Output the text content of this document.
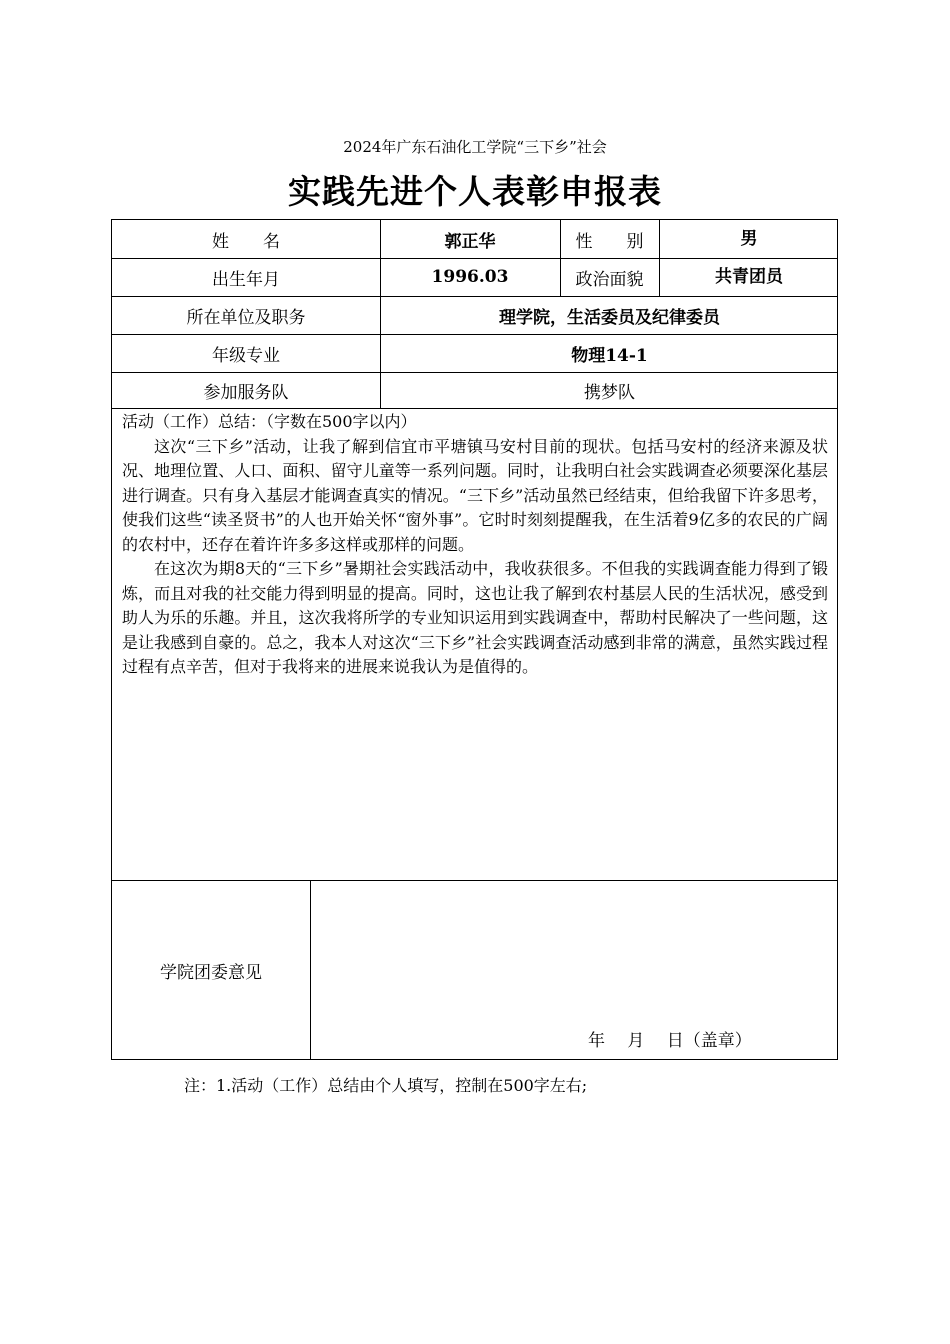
2024年广东石油化工学院“三下乡”社会
实践先进个人表彰申报表
姓　　名	郭正华	性　　别	男
出生年月	1996.03	政治面貌	共青团员
所在单位及职务	理学院，生活委员及纪律委员
年级专业	物理14-1
参加服务队	携梦队

活动（工作）总结：（字数在500字以内）

这次“三下乡”活动，让我了解到信宜市平塘镇马安村目前的现状。包括马安村的经济来源及状况、地理位置、人口、面积、留守儿童等一系列问题。同时，让我明白社会实践调查必须要深化基层进行调查。只有身入基层才能调查真实的情况。“三下乡”活动虽然已经结束，但给我留下许多思考，使我们这些“读圣贤书”的人也开始关怀“窗外事”。它时时刻刻提醒我，在生活着9亿多的农民的广阔的农村中，还存在着许许多多这样或那样的问题。

在这次为期8天的“三下乡”暑期社会实践活动中，我收获很多。不但我的实践调查能力得到了锻炼，而且对我的社交能力得到明显的提高。同时，这也让我了解到农村基层人民的生活状况，感受到助人为乐的乐趣。并且，这次我将所学的专业知识运用到实践调查中，帮助村民解决了一些问题，这是让我感到自豪的。总之，我本人对这次“三下乡”社会实践调查活动感到非常的满意，虽然实践过程过程有点辛苦，但对于我将来的进展来说我认为是值得的。

学院团委意见
年　 月　 日（盖章）
注：1.活动（工作）总结由个人填写，控制在500字左右;
